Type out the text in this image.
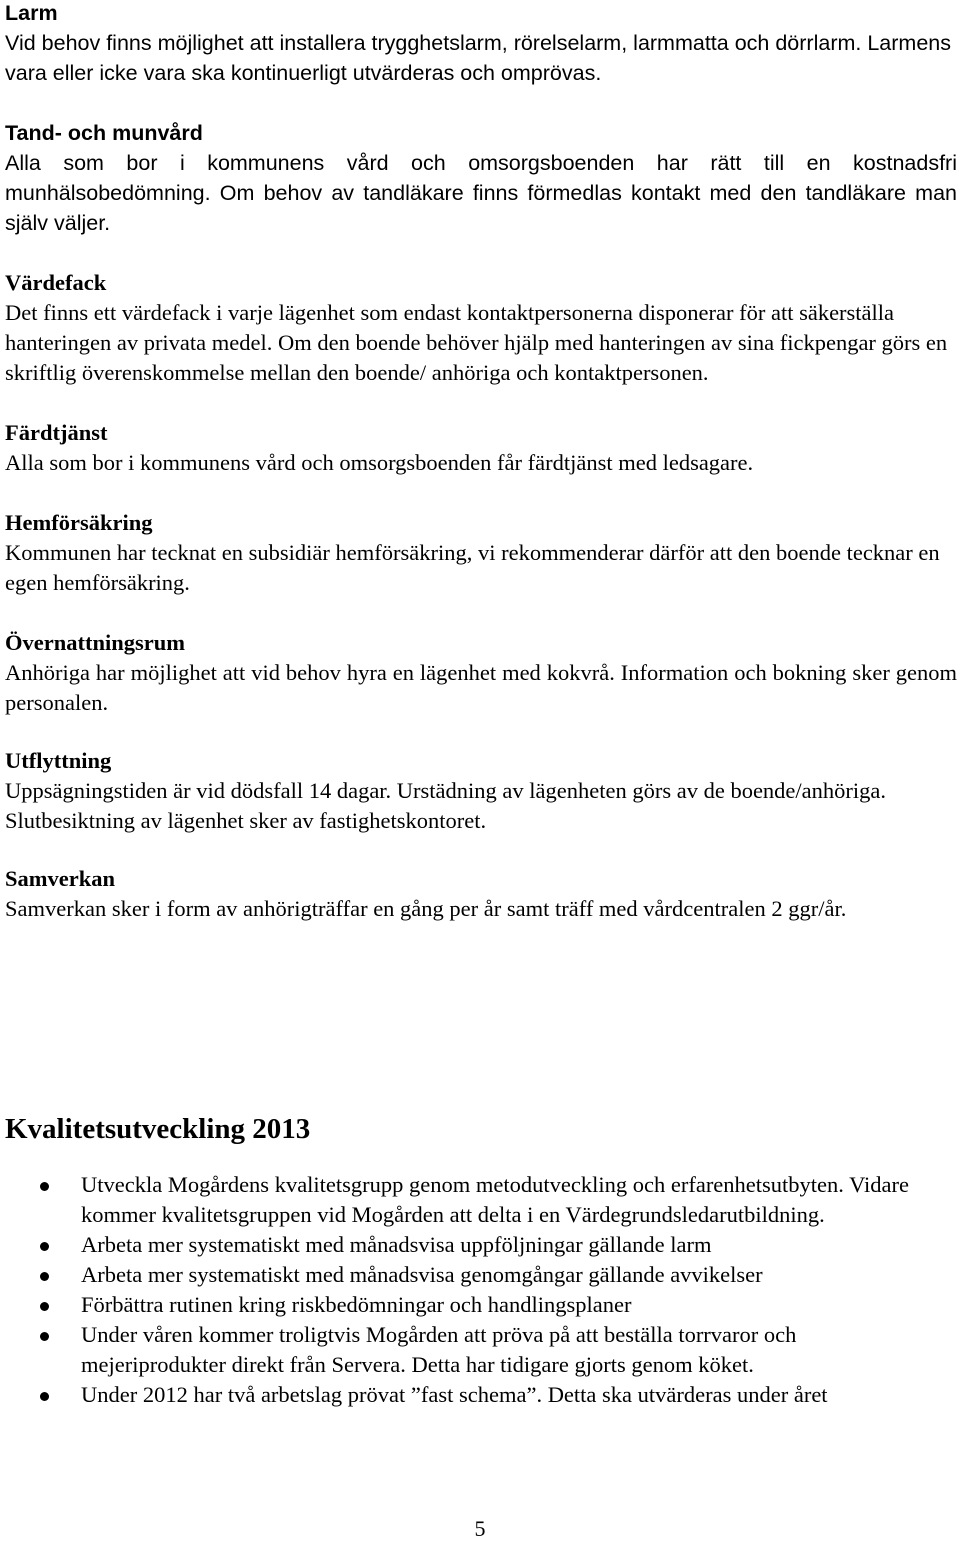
Larm
Vid behov finns möjlighet att installera trygghetslarm, rörelselarm, larmmatta och dörrlarm. Larmens vara eller icke vara ska kontinuerligt utvärderas och omprövas.
Tand- och munvård
Alla som bor i kommunens vård och omsorgsboenden har rätt till en kostnadsfri munhälsobedömning. Om behov av tandläkare finns förmedlas kontakt med den tandläkare man själv väljer.
Värdefack
Det finns ett värdefack i varje lägenhet som endast kontaktpersonerna disponerar för att säkerställa hanteringen av privata medel. Om den boende behöver hjälp med hanteringen av sina fickpengar görs en skriftlig överenskommelse mellan den boende/ anhöriga och kontaktpersonen.
Färdtjänst
Alla som bor i kommunens vård och omsorgsboenden får färdtjänst med ledsagare.
Hemförsäkring
Kommunen har tecknat en subsidiär hemförsäkring, vi rekommenderar därför att den boende tecknar en egen hemförsäkring.
Övernattningsrum
Anhöriga har möjlighet att vid behov hyra en lägenhet med kokvrå. Information och bokning sker genom personalen.
Utflyttning
Uppsägningstiden är vid dödsfall 14 dagar. Urstädning av lägenheten görs av de boende/anhöriga. Slutbesiktning av lägenhet sker av fastighetskontoret.
Samverkan
Samverkan sker i form av anhörigträffar en gång per år samt träff med vårdcentralen 2 ggr/år.
Kvalitetsutveckling 2013
Utveckla Mogårdens kvalitetsgrupp genom metodutveckling och erfarenhetsutbyten. Vidare kommer kvalitetsgruppen vid Mogården att delta i en Värdegrundsledarutbildning.
Arbeta mer systematiskt med månadsvisa uppföljningar gällande larm
Arbeta mer systematiskt med månadsvisa genomgångar gällande avvikelser
Förbättra rutinen kring riskbedömningar och handlingsplaner
Under våren kommer troligtvis Mogården att pröva på att beställa torrvaror och mejeriprodukter direkt från Servera. Detta har tidigare gjorts genom köket.
Under 2012 har två arbetslag prövat ”fast schema”. Detta ska utvärderas under året
5
